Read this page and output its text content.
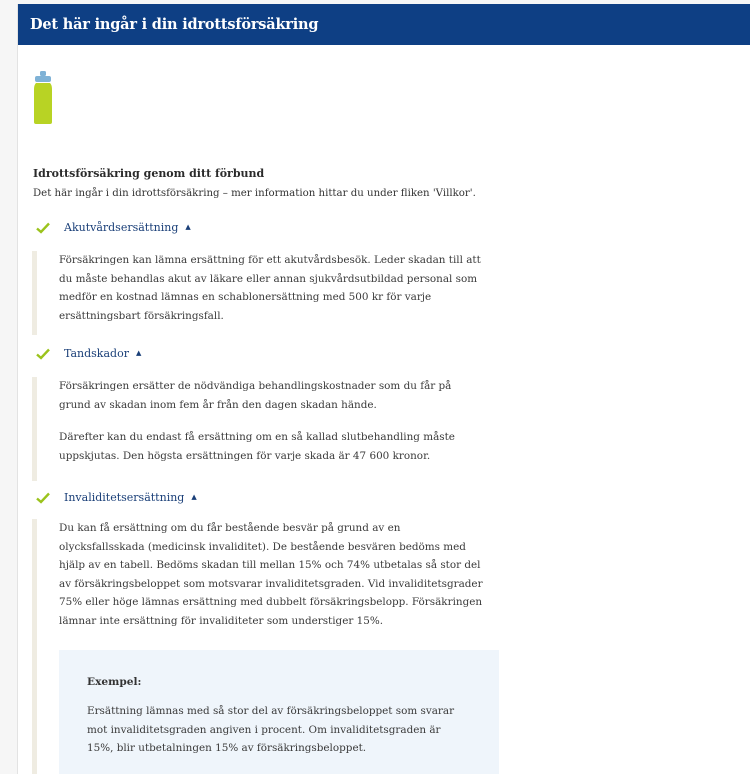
Det här ingår i din idrottsförsäkring
Idrottsförsäkring genom ditt förbund
Det här ingår i din idrottsförsäkring – mer information hittar du under fliken 'Villkor'.
Akutvårdsersättning ▲

Försäkringen kan lämna ersättning för ett akutvårdsbesök. Leder skadan till att
du måste behandlas akut av läkare eller annan sjukvårdsutbildad personal som
medför en kostnad lämnas en schablonersättning med 500 kr för varje
ersättningsbart försäkringsfall.

Tandskador ▲

Försäkringen ersätter de nödvändiga behandlingskostnader som du får på
grund av skadan inom fem år från den dagen skadan hände.

Därefter kan du endast få ersättning om en så kallad slutbehandling måste
uppskjutas. Den högsta ersättningen för varje skada är 47 600 kronor.

Invaliditetsersättning ▲

Du kan få ersättning om du får bestående besvär på grund av en
olycksfallsskada (medicinsk invaliditet). De bestående besvären bedöms med
hjälp av en tabell. Bedöms skadan till mellan 15% och 74% utbetalas så stor del
av försäkringsbeloppet som motsvarar invaliditetsgraden. Vid invaliditetsgrader
75% eller höge lämnas ersättning med dubbelt försäkringsbelopp. Försäkringen
lämnar inte ersättning för invaliditeter som understiger 15%.

Exempel:
Ersättning lämnas med så stor del av försäkringsbeloppet som svarar
mot invaliditetsgraden angiven i procent. Om invaliditetsgraden är
15%, blir utbetalningen 15% av försäkringsbeloppet.
